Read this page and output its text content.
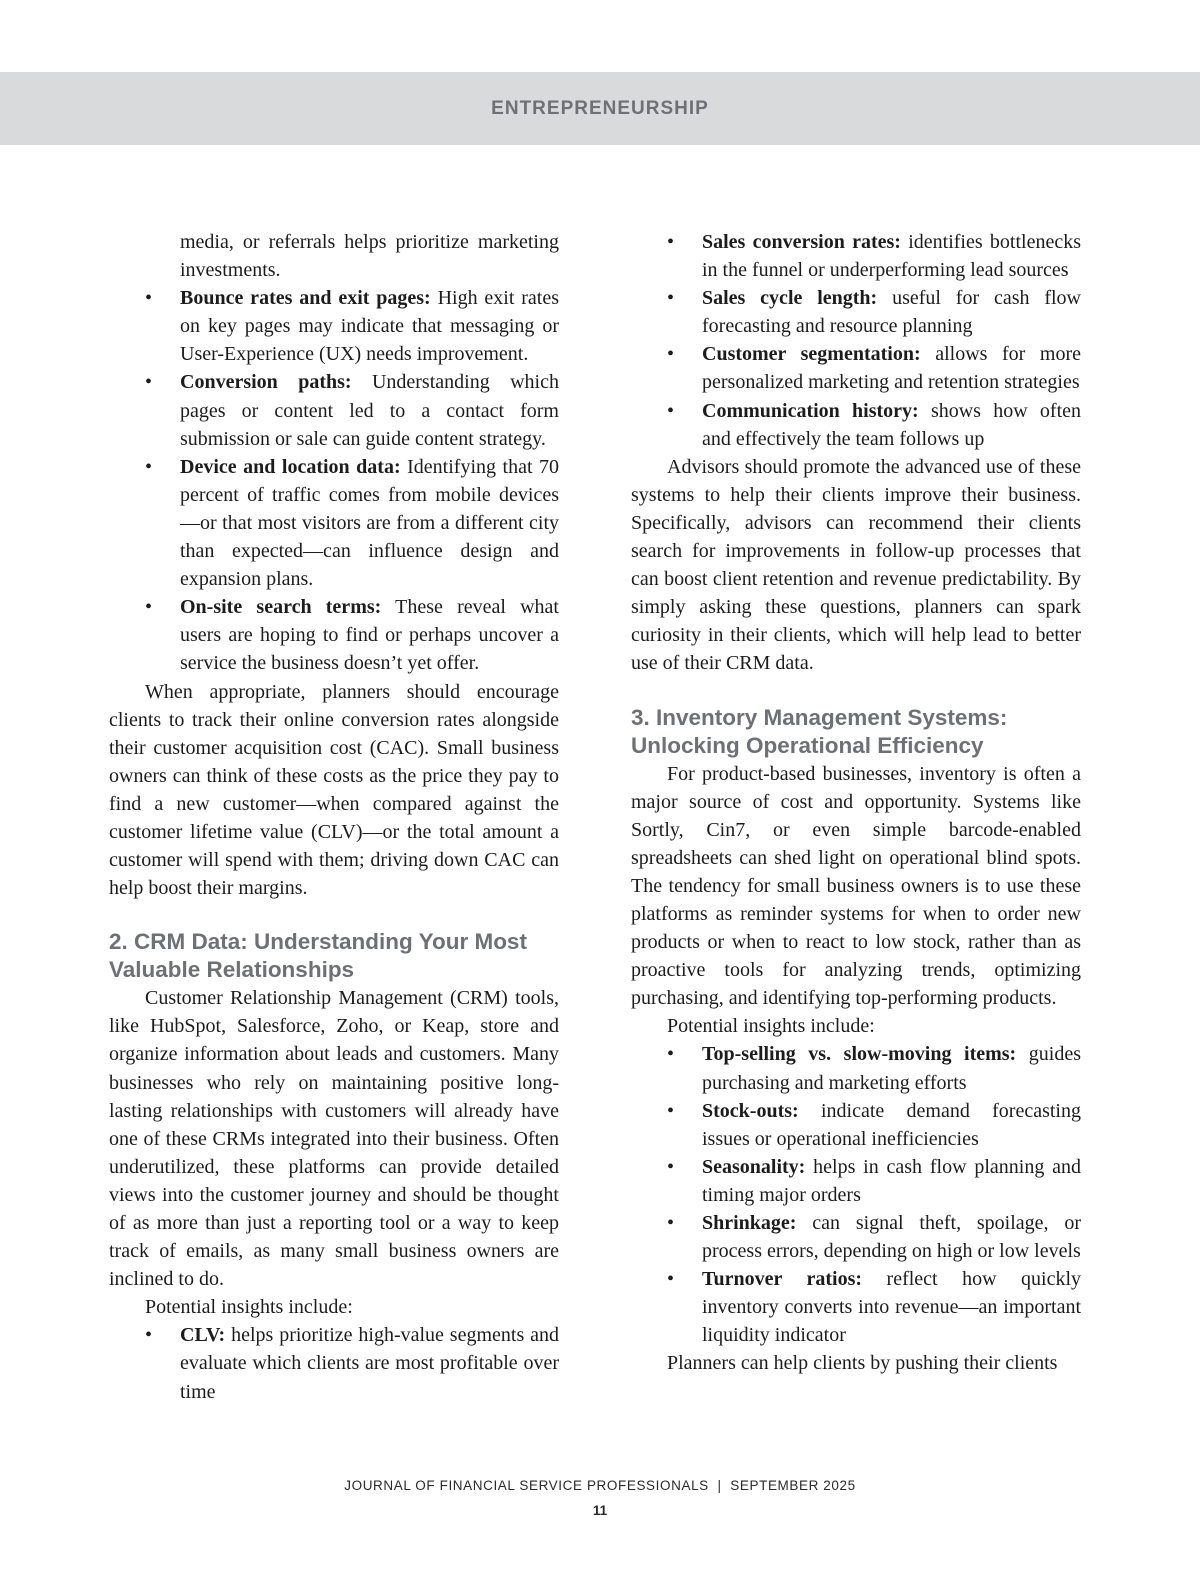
ENTREPRENEURSHIP

media, or referrals helps prioritize marketing investments.

• Bounce rates and exit pages: High exit rates on key pages may indicate that messaging or User-Experience (UX) needs improvement.
• Conversion paths: Understanding which pages or content led to a contact form submission or sale can guide content strategy.
• Device and location data: Identifying that 70 percent of traffic comes from mobile devices—or that most visitors are from a different city than expected—can influence design and expansion plans.
• On-site search terms: These reveal what users are hoping to find or perhaps uncover a service the business doesn’t yet offer.

When appropriate, planners should encourage clients to track their online conversion rates alongside their customer acquisition cost (CAC). Small business owners can think of these costs as the price they pay to find a new customer—when compared against the customer lifetime value (CLV)—or the total amount a customer will spend with them; driving down CAC can help boost their margins.

2. CRM Data: Understanding Your Most Valuable Relationships

Customer Relationship Management (CRM) tools, like HubSpot, Salesforce, Zoho, or Keap, store and organize information about leads and customers. Many businesses who rely on maintaining positive long-lasting relationships with customers will already have one of these CRMs integrated into their business. Often underutilized, these platforms can provide detailed views into the customer journey and should be thought of as more than just a reporting tool or a way to keep track of emails, as many small business owners are inclined to do.

Potential insights include:

• CLV: helps prioritize high-value segments and evaluate which clients are most profitable over time
• Sales conversion rates: identifies bottlenecks in the funnel or underperforming lead sources
• Sales cycle length: useful for cash flow forecasting and resource planning
• Customer segmentation: allows for more personalized marketing and retention strategies
• Communication history: shows how often and effectively the team follows up

Advisors should promote the advanced use of these systems to help their clients improve their business. Specifically, advisors can recommend their clients search for improvements in follow-up processes that can boost client retention and revenue predictability. By simply asking these questions, planners can spark curiosity in their clients, which will help lead to better use of their CRM data.

3. Inventory Management Systems: Unlocking Operational Efficiency

For product-based businesses, inventory is often a major source of cost and opportunity. Systems like Sortly, Cin7, or even simple barcode-enabled spreadsheets can shed light on operational blind spots. The tendency for small business owners is to use these platforms as reminder systems for when to order new products or when to react to low stock, rather than as proactive tools for analyzing trends, optimizing purchasing, and identifying top-performing products.

Potential insights include:

• Top-selling vs. slow-moving items: guides purchasing and marketing efforts
• Stock-outs: indicate demand forecasting issues or operational inefficiencies
• Seasonality: helps in cash flow planning and timing major orders
• Shrinkage: can signal theft, spoilage, or process errors, depending on high or low levels
• Turnover ratios: reflect how quickly inventory converts into revenue—an important liquidity indicator

Planners can help clients by pushing their clients

JOURNAL OF FINANCIAL SERVICE PROFESSIONALS  |  SEPTEMBER 2025
11
